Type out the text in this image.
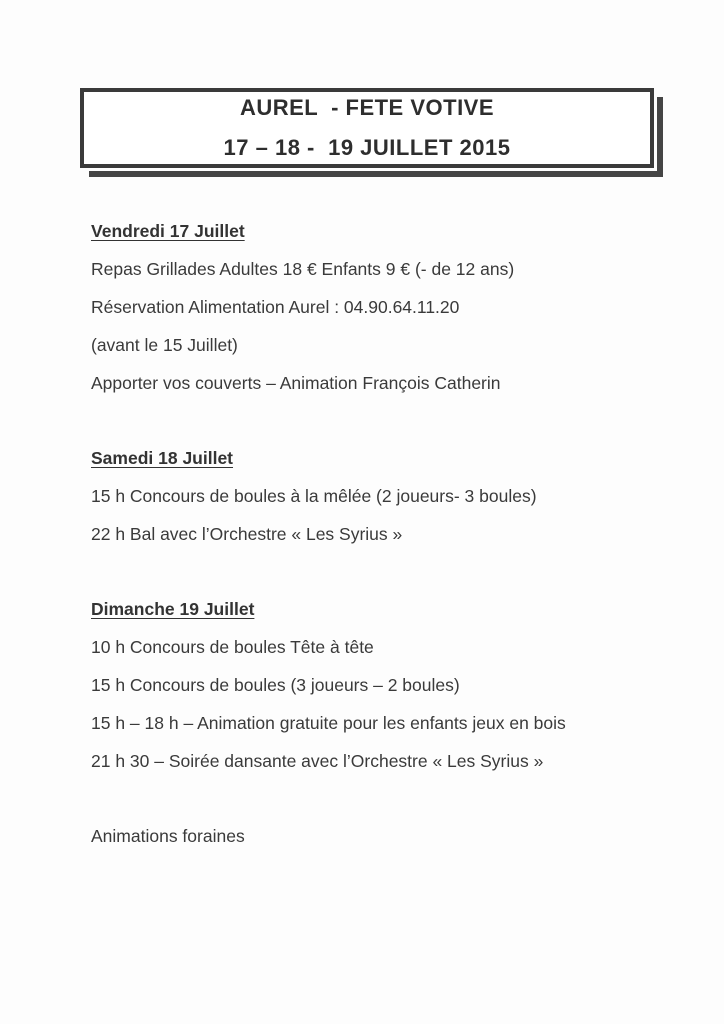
AUREL  - FETE VOTIVE
17 – 18 -  19 JUILLET 2015
Vendredi 17 Juillet
Repas Grillades Adultes 18 € Enfants 9 € (- de 12 ans)
Réservation Alimentation Aurel : 04.90.64.11.20
(avant le 15 Juillet)
Apporter vos couverts – Animation François Catherin
Samedi 18 Juillet
15 h Concours de boules à la mêlée (2 joueurs- 3 boules)
22 h Bal avec l’Orchestre « Les Syrius »
Dimanche 19 Juillet
10 h Concours de boules Tête à tête
15 h Concours de boules (3 joueurs – 2 boules)
15 h – 18 h – Animation gratuite pour les enfants jeux en bois
21 h 30 – Soirée dansante avec l’Orchestre « Les Syrius »
Animations foraines
